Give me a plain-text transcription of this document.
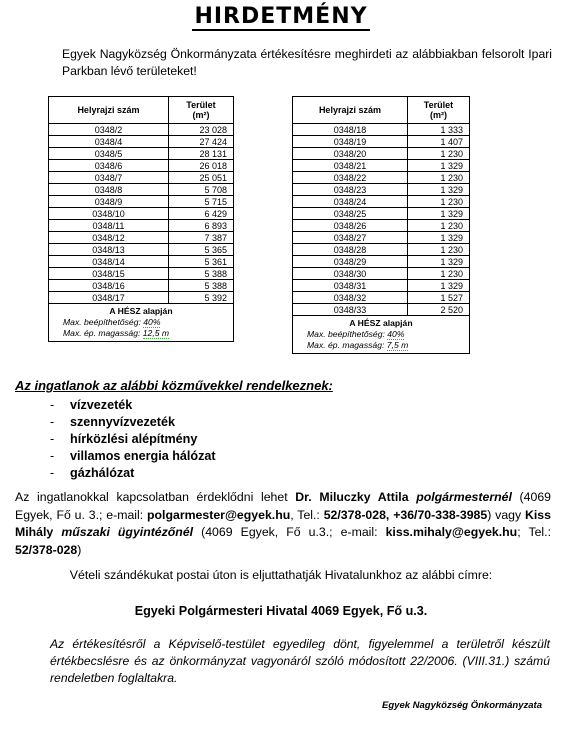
HIRDETMÉNY
Egyek Nagyközség Önkormányzata értékesítésre meghirdeti az alábbiakban felsorolt Ipari Parkban lévő területeket!
Helyrajzi szám	Terület
(m²)
0348/2	23 028
0348/4	27 424
0348/5	28 131
0348/6	26 018
0348/7	25 051
0348/8	5 708
0348/9	5 715
0348/10	6 429
0348/11	6 893
0348/12	7 387
0348/13	5 365
0348/14	5 361
0348/15	5 388
0348/16	5 388
0348/17	5 392

A HÉSZ alapján
Max. beépíthetőség: 40%
Max. ép. magasság: 12,5 m	
Helyrajzi szám	Terület
(m²)
0348/18	1 333
0348/19	1 407
0348/20	1 230
0348/21	1 329
0348/22	1 230
0348/23	1 329
0348/24	1 230
0348/25	1 329
0348/26	1 230
0348/27	1 329
0348/28	1 230
0348/29	1 329
0348/30	1 230
0348/31	1 329
0348/32	1 527
0348/33	2 520

A HÉSZ alapján
Max. beépíthetőség: 40%
Max. ép. magasság: 7,5 m	
Az ingatlanok az alábbi közművekkel rendelkeznek:
- vízvezeték
- szennyvízvezeték
- hírközlési alépítmény
- villamos energia hálózat
- gázhálózat
Az ingatlanokkal kapcsolatban érdeklődni lehet Dr. Miluczky Attila polgármesternél (4069 Egyek, Fő u. 3.; e-mail: polgarmester@egyek.hu, Tel.: 52/378-028, +36/70-338-3985) vagy Kiss Mihály műszaki ügyintézőnél (4069 Egyek, Fő u.3.; e-mail: kiss.mihaly@egyek.hu; Tel.: 52/378-028)
Vételi szándékukat postai úton is eljuttathatják Hivatalunkhoz az alábbi címre:
Egyeki Polgármesteri Hivatal 4069 Egyek, Fő u.3.
Az értékesítésről a Képviselő-testület egyedileg dönt, figyelemmel a területről készült értékbecslésre és az önkormányzat vagyonáról szóló módosított 22/2006. (VIII.31.) számú rendeletben foglaltakra.
Egyek Nagyközség Önkormányzata
